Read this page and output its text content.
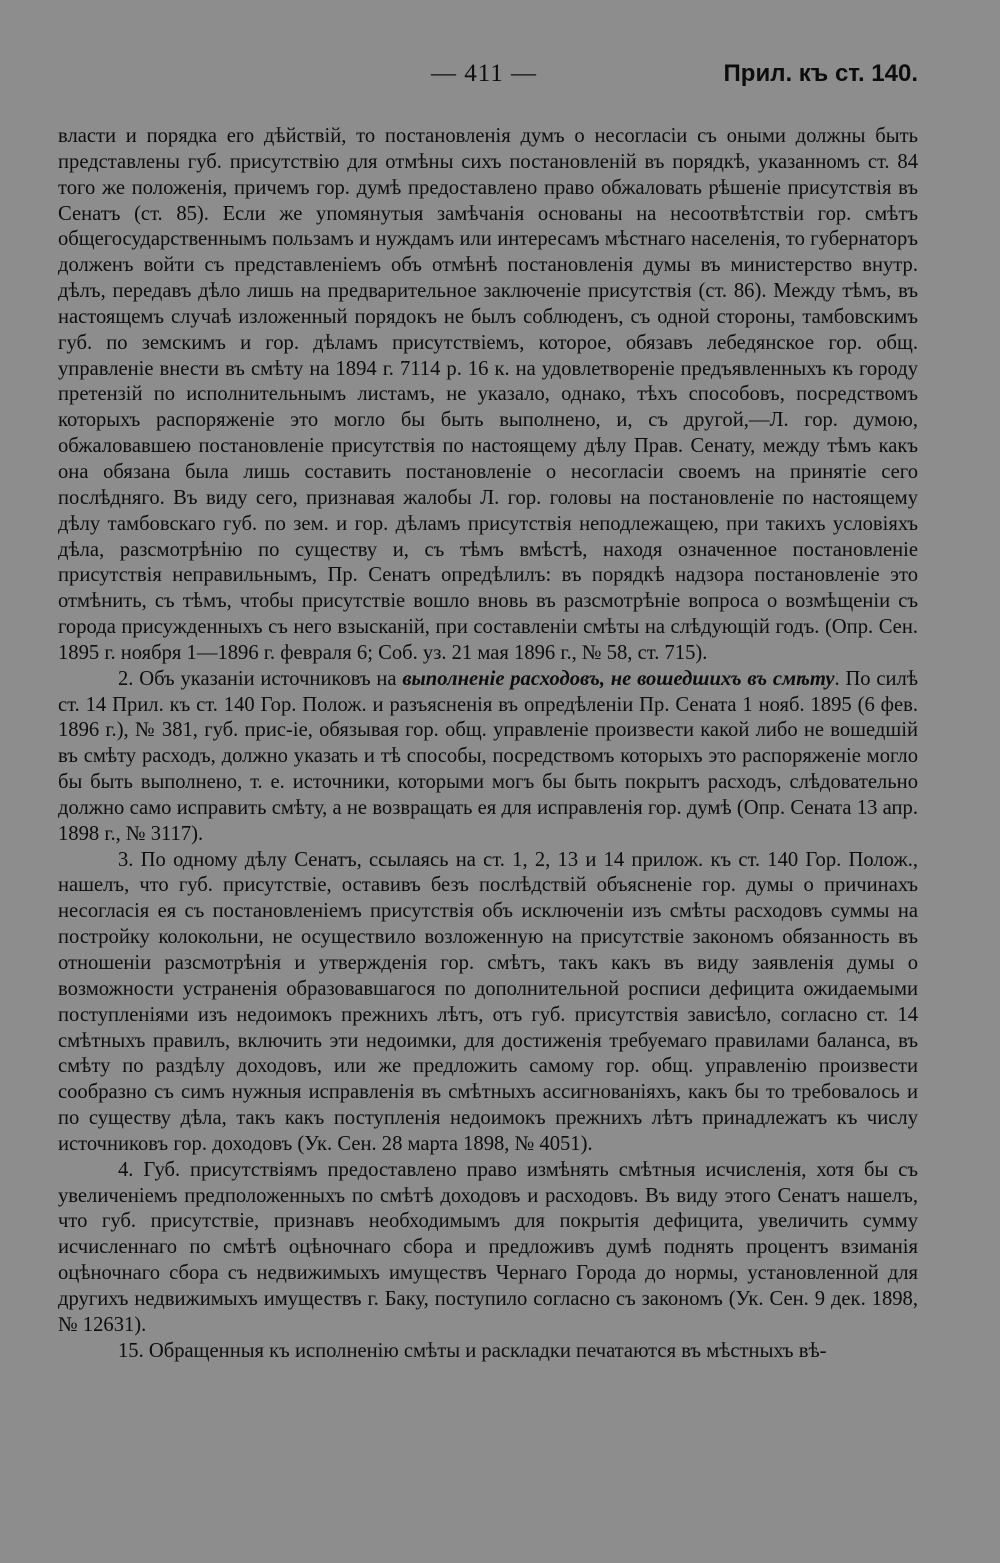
— 411 —	Прил. къ ст. 140.

власти и порядка его дѣйствій, то постановленія думъ о несогласіи съ оными должны быть представлены губ. присутствію для отмѣны сихъ постановленій въ порядкѣ, указанномъ ст. 84 того же положенія, причемъ гор. думѣ предоставлено право обжаловать рѣшеніе присутствія въ Сенатъ (ст. 85). Если же упомянутыя замѣчанія основаны на несоотвѣтствіи гор. смѣтъ общегосударственнымъ пользамъ и нуждамъ или интересамъ мѣстнаго населенія, то губернаторъ долженъ войти съ представленіемъ объ отмѣнѣ постановленія думы въ министерство внутр. дѣлъ, передавъ дѣло лишь на предварительное заключеніе присутствія (ст. 86). Между тѣмъ, въ настоящемъ случаѣ изложенный порядокъ не былъ соблюденъ, съ одной стороны, тамбовскимъ губ. по земскимъ и гор. дѣламъ присутствіемъ, которое, обязавъ лебедянское гор. общ. управленіе внести въ смѣту на 1894 г. 7114 р. 16 к. на удовлетвореніе предъявленныхъ къ городу претензій по исполнительнымъ листамъ, не указало, однако, тѣхъ способовъ, посредствомъ которыхъ распоряженіе это могло бы быть выполнено, и, съ другой,—Л. гор. думою, обжаловавшею постановленіе присутствія по настоящему дѣлу Прав. Сенату, между тѣмъ какъ она обязана была лишь составить постановленіе о несогласіи своемъ на принятіе сего послѣдняго. Въ виду сего, признавая жалобы Л. гор. головы на постановленіе по настоящему дѣлу тамбовскаго губ. по зем. и гор. дѣламъ присутствія неподлежащею, при такихъ условіяхъ дѣла, разсмотрѣнію по существу и, съ тѣмъ вмѣстѣ, находя означенное постановленіе присутствія неправильнымъ, Пр. Сенатъ опредѣлилъ: въ порядкѣ надзора постановленіе это отмѣнить, съ тѣмъ, чтобы присутствіе вошло вновь въ разсмотрѣніе вопроса о возмѣщеніи съ города присужденныхъ съ него взысканій, при составленіи смѣты на слѣдующій годъ. (Опр. Сен. 1895 г. ноября 1—1896 г. февраля 6; Соб. уз. 21 мая 1896 г., № 58, ст. 715).

2. Объ указаніи источниковъ на выполненіе расходовъ, не вошедшихъ въ смѣту. По силѣ ст. 14 Прил. къ ст. 140 Гор. Полож. и разъясненія въ опредѣленіи Пр. Сената 1 нояб. 1895 (6 фев. 1896 г.), № 381, губ. прис-іе, обязывая гор. общ. управленіе произвести какой либо не вошедшій въ смѣту расходъ, должно указать и тѣ способы, посредствомъ которыхъ это распоряженіе могло бы быть выполнено, т. е. источники, которыми могъ бы быть покрытъ расходъ, слѣдовательно должно само исправить смѣту, а не возвращать ея для исправленія гор. думѣ (Опр. Сената 13 апр. 1898 г., № 3117).

3. По одному дѣлу Сенатъ, ссылаясь на ст. 1, 2, 13 и 14 прилож. къ ст. 140 Гор. Полож., нашелъ, что губ. присутствіе, оставивъ безъ послѣдствій объясненіе гор. думы о причинахъ несогласія ея съ постановленіемъ присутствія объ исключеніи изъ смѣты расходовъ суммы на постройку колокольни, не осуществило возложенную на присутствіе закономъ обязанность въ отношеніи разсмотрѣнія и утвержденія гор. смѣтъ, такъ какъ въ виду заявленія думы о возможности устраненія образовавшагося по дополнительной росписи дефицита ожидаемыми поступленіями изъ недоимокъ прежнихъ лѣтъ, отъ губ. присутствія зависѣло, согласно ст. 14 смѣтныхъ правилъ, включить эти недоимки, для достиженія требуемаго правилами баланса, въ смѣту по раздѣлу доходовъ, или же предложить самому гор. общ. управленію произвести сообразно съ симъ нужныя исправленія въ смѣтныхъ ассигнованіяхъ, какъ бы то требовалось и по существу дѣла, такъ какъ поступленія недоимокъ прежнихъ лѣтъ принадлежатъ къ числу источниковъ гор. доходовъ (Ук. Сен. 28 марта 1898, № 4051).

4. Губ. присутствіямъ предоставлено право измѣнять смѣтныя исчисленія, хотя бы съ увеличеніемъ предположенныхъ по смѣтѣ доходовъ и расходовъ. Въ виду этого Сенатъ нашелъ, что губ. присутствіе, признавъ необходимымъ для покрытія дефицита, увеличить сумму исчисленнаго по смѣтѣ оцѣночнаго сбора и предложивъ думѣ поднять процентъ взиманія оцѣночнаго сбора съ недвижимыхъ имуществъ Чернаго Города до нормы, установленной для другихъ недвижимыхъ имуществъ г. Баку, поступило согласно съ закономъ (Ук. Сен. 9 дек. 1898, № 12631).

15. Обращенныя къ исполненію смѣты и раскладки печатаются въ мѣстныхъ вѣ-
